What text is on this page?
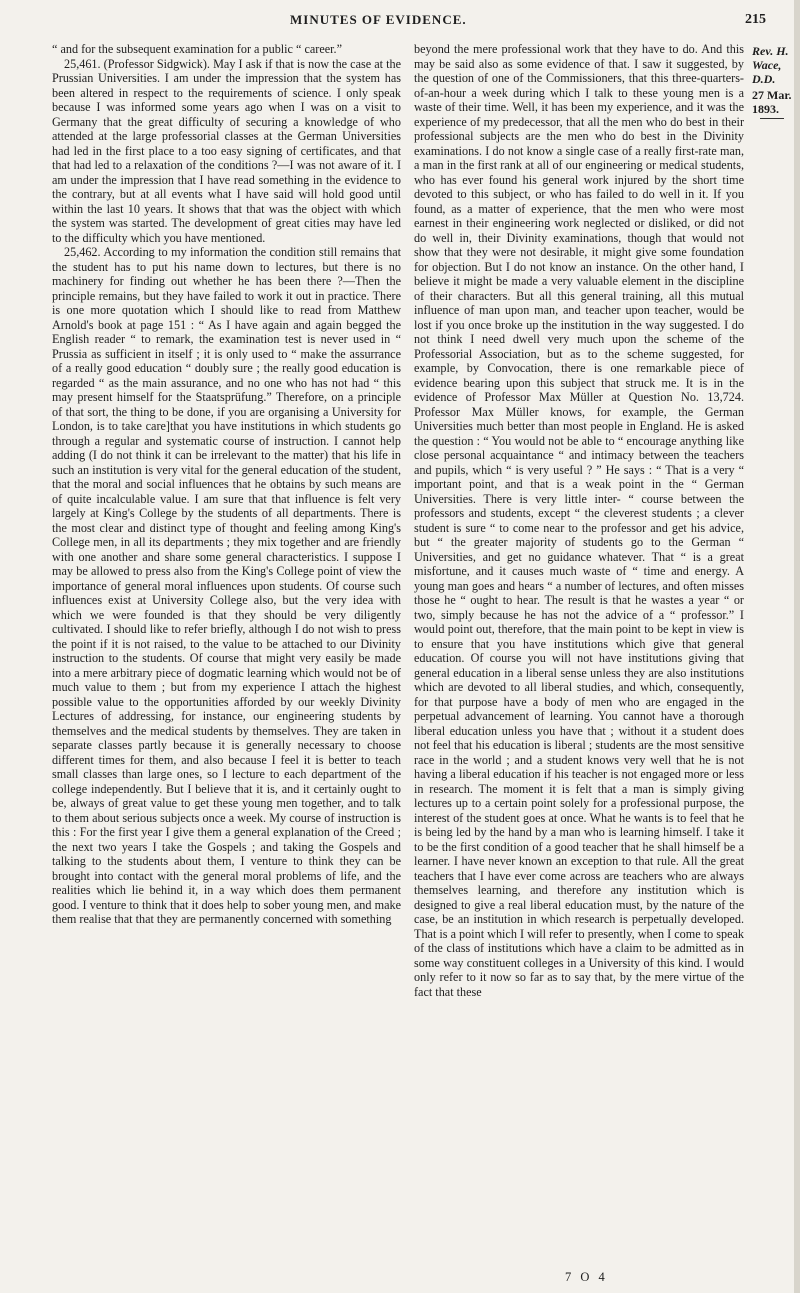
MINUTES OF EVIDENCE.	215

“ and for the subsequent examination for a public “ career.”

25,461. (Professor Sidgwick). May I ask if that is now the case at the Prussian Universities. I am under the impression that the system has been altered in respect to the requirements of science. I only speak because I was informed some years ago when I was on a visit to Germany that the great difficulty of securing a knowledge of who attended at the large professorial classes at the German Universities had led in the first place to a too easy signing of certificates, and that that had led to a relaxation of the conditions ?—I was not aware of it. I am under the impression that I have read something in the evidence to the contrary, but at all events what I have said will hold good until within the last 10 years. It shows that that was the object with which the system was started. The development of great cities may have led to the difficulty which you have mentioned.

25,462. According to my information the condition still remains that the student has to put his name down to lectures, but there is no machinery for finding out whether he has been there ?—Then the principle remains, but they have failed to work it out in practice. There is one more quotation which I should like to read from Matthew Arnold's book at page 151 : “ As I have again and again begged the English reader “ to remark, the examination test is never used in “ Prussia as sufficient in itself ; it is only used to “ make the assurrance of a really good education “ doubly sure ; the really good education is regarded “ as the main assurance, and no one who has not had “ this may present himself for the Staatsprüfung.” Therefore, on a principle of that sort, the thing to be done, if you are organising a University for London, is to take care]that you have institutions in which students go through a regular and systematic course of instruction. I cannot help adding (I do not think it can be irrelevant to the matter) that his life in such an institution is very vital for the general education of the student, that the moral and social influences that he obtains by such means are of quite incalculable value. I am sure that that influence is felt very largely at King's College by the students of all departments. There is the most clear and distinct type of thought and feeling among King's College men, in all its departments ; they mix together and are friendly with one another and share some general characteristics. I suppose I may be allowed to press also from the King's College point of view the importance of general moral influences upon students. Of course such influences exist at University College also, but the very idea with which we were founded is that they should be very diligently cultivated. I should like to refer briefly, although I do not wish to press the point if it is not raised, to the value to be attached to our Divinity instruction to the students. Of course that might very easily be made into a mere arbitrary piece of dogmatic learning which would not be of much value to them ; but from my experience I attach the highest possible value to the opportunities afforded by our weekly Divinity Lectures of addressing, for instance, our engineering students by themselves and the medical students by themselves. They are taken in separate classes partly because it is generally necessary to choose different times for them, and also because I feel it is better to teach small classes than large ones, so I lecture to each department of the college independently. But I believe that it is, and it certainly ought to be, always of great value to get these young men together, and to talk to them about serious subjects once a week. My course of instruction is this : For the first year I give them a general explanation of the Creed ; the next two years I take the Gospels ; and taking the Gospels and talking to the students about them, I venture to think they can be brought into contact with the general moral problems of life, and the realities which lie behind it, in a way which does them permanent good. I venture to think that it does help to sober young men, and make them realise that that they are permanently concerned with something

beyond the mere professional work that they have to do. And this may be said also as some evidence of that. I saw it suggested, by the question of one of the Commissioners, that this three-quarters-of-an-hour a week during which I talk to these young men is a waste of their time. Well, it has been my experience, and it was the experience of my predecessor, that all the men who do best in their professional subjects are the men who do best in the Divinity examinations. I do not know a single case of a really first-rate man, a man in the first rank at all of our engineering or medical students, who has ever found his general work injured by the short time devoted to this subject, or who has failed to do well in it. If you found, as a matter of experience, that the men who were most earnest in their engineering work neglected or disliked, or did not do well in, their Divinity examinations, though that would not show that they were not desirable, it might give some foundation for objection. But I do not know an instance. On the other hand, I believe it might be made a very valuable element in the discipline of their characters. But all this general training, all this mutual influence of man upon man, and teacher upon teacher, would be lost if you once broke up the institution in the way suggested. I do not think I need dwell very much upon the scheme of the Professorial Association, but as to the scheme suggested, for example, by Convocation, there is one remarkable piece of evidence bearing upon this subject that struck me. It is in the evidence of Professor Max Müller at Question No. 13,724. Professor Max Müller knows, for example, the German Universities much better than most people in England. He is asked the question : “ You would not be able to “ encourage anything like close personal acquaintance “ and intimacy between the teachers and pupils, which “ is very useful ? ” He says : “ That is a very “ important point, and that is a weak point in the “ German Universities. There is very little inter- “ course between the professors and students, except “ the cleverest students ; a clever student is sure “ to come near to the professor and get his advice, but “ the greater majority of students go to the German “ Universities, and get no guidance whatever. That “ is a great misfortune, and it causes much waste of “ time and energy. A young man goes and hears “ a number of lectures, and often misses those he “ ought to hear. The result is that he wastes a year “ or two, simply because he has not the advice of a “ professor.” I would point out, therefore, that the main point to be kept in view is to ensure that you have institutions which give that general education. Of course you will not have institutions giving that general education in a liberal sense unless they are also institutions which are devoted to all liberal studies, and which, consequently, for that purpose have a body of men who are engaged in the perpetual advancement of learning. You cannot have a thorough liberal education unless you have that ; without it a student does not feel that his education is liberal ; students are the most sensitive race in the world ; and a student knows very well that he is not having a liberal education if his teacher is not engaged more or less in research. The moment it is felt that a man is simply giving lectures up to a certain point solely for a professional purpose, the interest of the student goes at once. What he wants is to feel that he is being led by the hand by a man who is learning himself. I take it to be the first condition of a good teacher that he shall himself be a learner. I have never known an exception to that rule. All the great teachers that I have ever come across are teachers who are always themselves learning, and therefore any institution which is designed to give a real liberal education must, by the nature of the case, be an institution in which research is perpetually developed. That is a point which I will refer to presently, when I come to speak of the class of institutions which have a claim to be admitted as in some way constituent colleges in a University of this kind. I would only refer to it now so far as to say that, by the mere virtue of the fact that these

Rev. H. Wace, D.D.
27 Mar. 1893.
7 O 4
